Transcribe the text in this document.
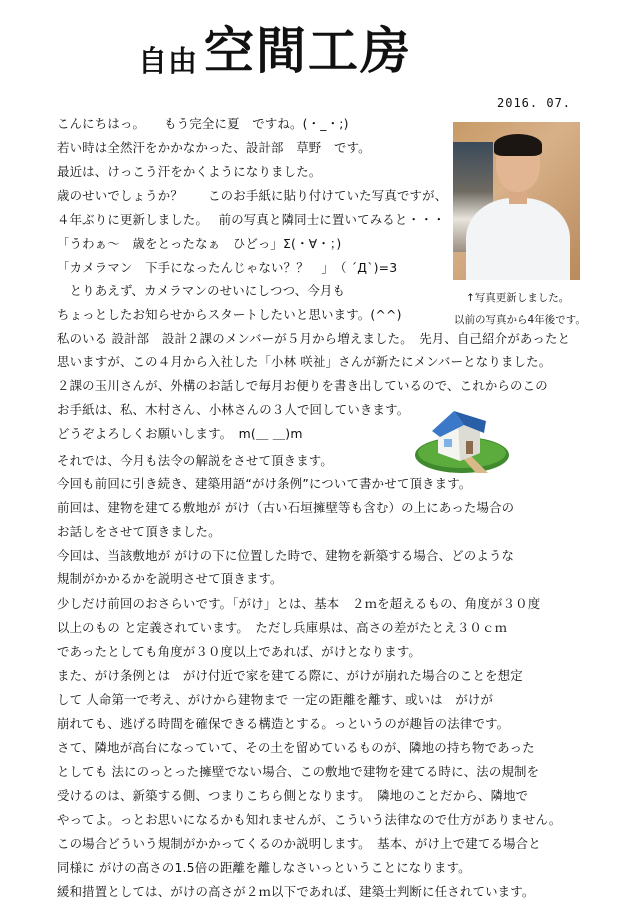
自由 空間工房
2016. 07.
↑写真更新しました。
以前の写真から4年後です。
こんにちはっ。　　もう完全に夏　ですね。(・_・;)
若い時は全然汗をかかなかった、設計部　草野　です。
最近は、けっこう汗をかくようになりました。
歳のせいでしょうか？　　このお手紙に貼り付けていた写真ですが、
４年ぶりに更新しました。　 前の写真と隣同士に置いてみると・・・
「うわぁ～　歳をとったなぁ　ひどっ」Σ(・∀・；)
「カメラマン　下手になったんじゃない？？　」　（ ´Д`)=3
　とりあえず、カメラマンのせいにしつつ、今月も
ちょっとしたお知らせからスタートしたいと思います。(^^)
私のいる 設計部　設計２課のメンバーが５月から増えました。　先月、自己紹介があったと
思いますが、この４月から入社した「小林 咲祉」さんが新たにメンバーとなりました。
２課の玉川さんが、外構のお話しで毎月お便りを書き出しているので、これからのこの
お手紙は、私、木村さん、小林さんの３人で回していきます。
どうぞよろしくお願いします。　m(＿ ＿)m
それでは、今月も法令の解説をさせて頂きます。
今回も前回に引き続き、建築用語“がけ条例”について書かせて頂きます。
前回は、建物を建てる敷地が がけ（古い石垣擁壁等も含む）の上にあった場合の
お話しをさせて頂きました。
今回は、当該敷地が がけの下に位置した時で、建物を新築する場合、どのような
規制がかかるかを説明させて頂きます。
少しだけ前回のおさらいです。「がけ」とは、基本　２ｍを超えるもの、角度が３０度
以上のもの と定義されています。　ただし兵庫県は、高さの差がたとえ３０ｃｍ
であったとしても角度が３０度以上であれば、がけとなります。
また、がけ条例とは　がけ付近で家を建てる際に、がけが崩れた場合のことを想定
して 人命第一で考え、がけから建物まで 一定の距離を離す、或いは　がけが
崩れても、逃げる時間を確保できる構造とする。っというのが趣旨の法律です。
さて、隣地が高台になっていて、その土を留めているものが、隣地の持ち物であった
としても 法にのっとった擁壁でない場合、この敷地で建物を建てる時に、法の規制を
受けるのは、新築する側、つまりこちら側となります。　隣地のことだから、隣地で
やってよ。っとお思いになるかも知れませんが、こういう法律なので仕方がありません。
この場合どういう規制がかかってくるのか説明します。　基本、がけ上で建てる場合と
同様に がけの高さの1.5倍の距離を離しなさいっということになります。
緩和措置としては、がけの高さが２ｍ以下であれば、建築士判断に任されています。
